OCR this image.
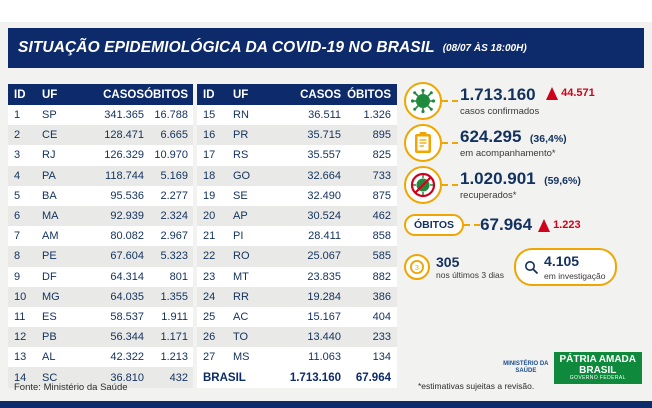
SITUAÇÃO EPIDEMIOLÓGICA DA COVID-19 NO BRASIL (08/07 ÀS 18:00H)
ID	UF	CASOS ÓBITOS
1	SP	341.365 16.788
2	CE	128.471	6.665
3	RJ	126.329 10.970
4	PA	118.744	5.169
5	BA	95.536	2.277
6	MA	92.939	2.324
7	AM	80.082	2.967
8	PE	67.604	5.323
9	DF	64.314	801
10	MG	64.035	1.355
11	ES	58.537	1.911
12	PB	56.344	1.171
13	AL	42.322	1.213
14	SC	36.810	432
ID	UF	CASOS ÓBITOS
15	RN	36.511	1.326
16	PR	35.715	895
17	RS	35.557	825
18	GO	32.664	733
19	SE	32.490	875
20	AP	30.524	462
21	PI	28.411	858
22	RO	25.067	585
23	MT	23.835	882
24	RR	19.284	386
25	AC	15.167	404
26	TO	13.440	233
27	MS	11.063	134
BRASIL	1.713.160	67.964
1.713.160 44.571
casos confirmados
624.295 (36,4%)
em acompanhamento*
1.020.901 (59,6%)
recuperados*
ÓBITOS	67.964 1.223
3 305
nos últimos 3 dias
4.105
em investigação
Fonte: Ministério da Saúde	*estimativas sujeitas a revisão.
MINISTÉRIO DA
SAÚDE
PÁTRIA AMADA
BRASIL
GOVERNO FEDERAL
